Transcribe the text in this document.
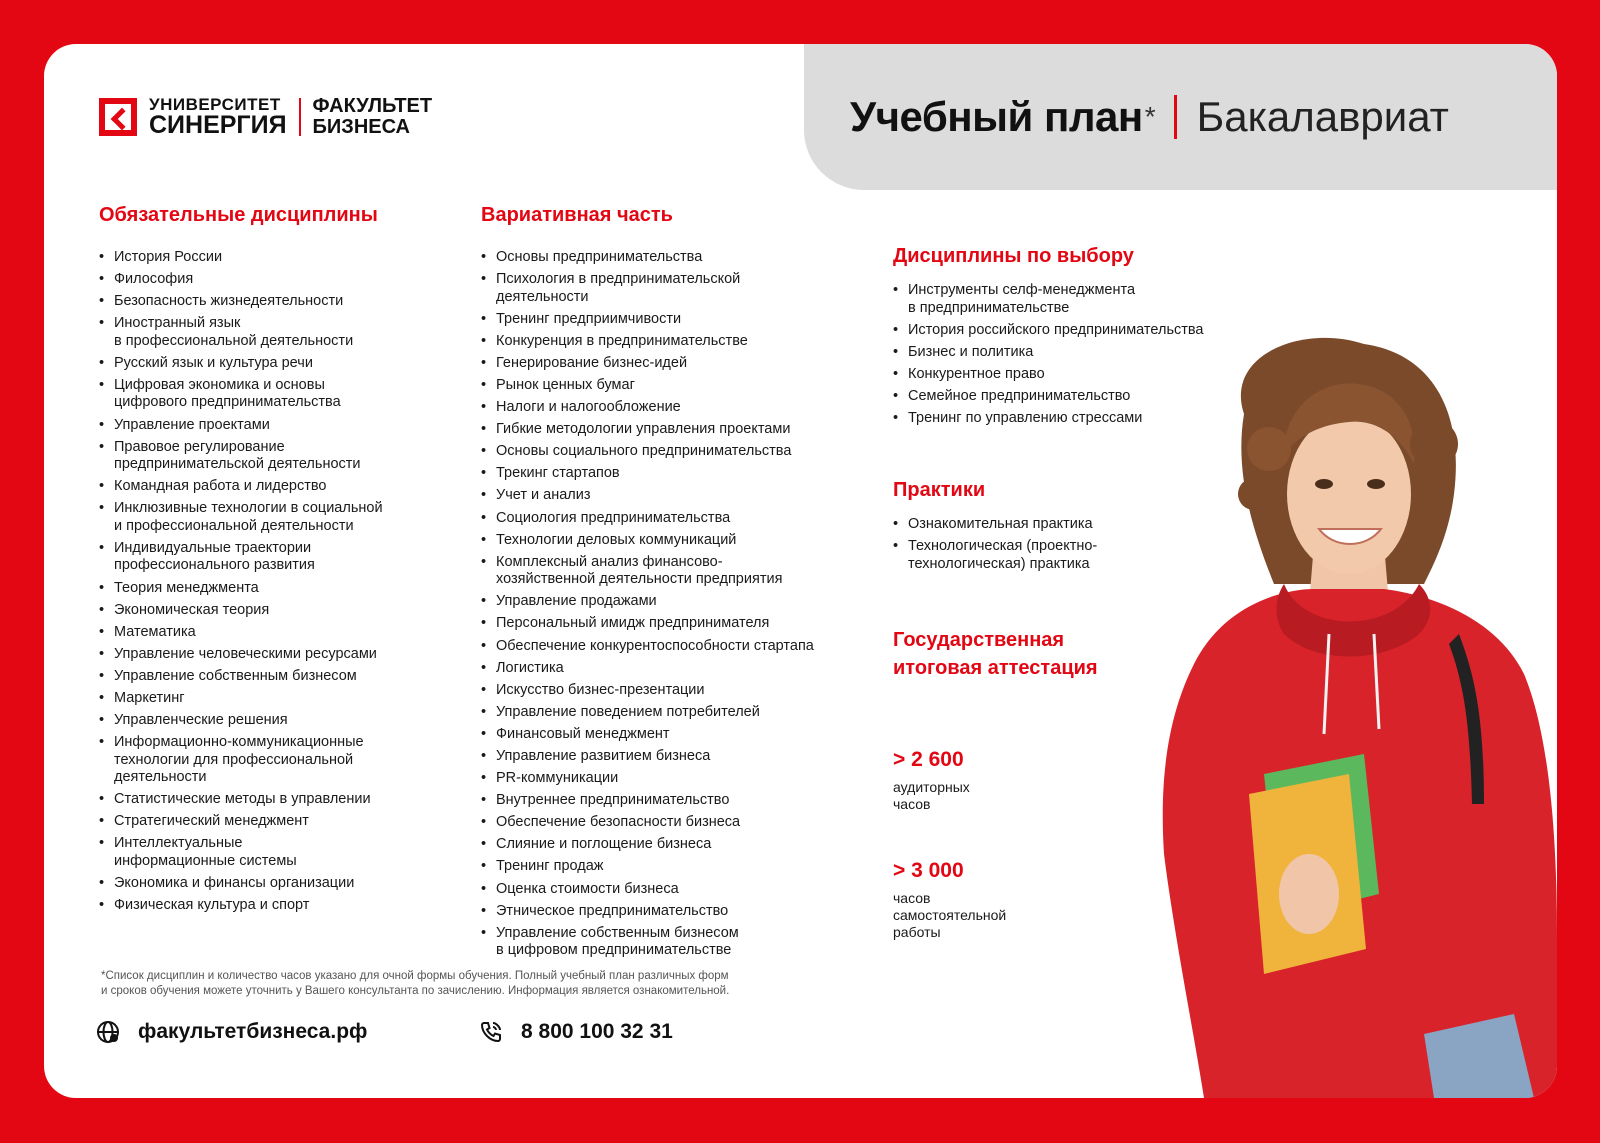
УНИВЕРСИТЕТ
СИНЕРГИЯ
ФАКУЛЬТЕТ
БИЗНЕСА	Учебный план * Бакалавриат
Обязательные дисциплины
• История России
• Философия
• Безопасность жизнедеятельности
• Иностранный язык
в профессиональной деятельности
• Русский язык и культура речи
• Цифровая экономика и основы
цифрового предпринимательства
• Управление проектами
• Правовое регулирование
предпринимательской деятельности
• Командная работа и лидерство
• Инклюзивные технологии в социальной
и профессиональной деятельности
• Индивидуальные траектории
профессионального развития
• Теория менеджмента
• Экономическая теория
• Математика
• Управление человеческими ресурсами
• Управление собственным бизнесом
• Маркетинг
• Управленческие решения
• Информационно-коммуникационные
технологии для профессиональной
деятельности
• Статистические методы в управлении
• Стратегический менеджмент
• Интеллектуальные
информационные системы
• Экономика и финансы организации
• Физическая культура и спорт
Вариативная часть
• Основы предпринимательства
• Психология в предпринимательской
деятельности
• Тренинг предприимчивости
• Конкуренция в предпринимательстве
• Генерирование бизнес-идей
• Рынок ценных бумаг
• Налоги и налогообложение
• Гибкие методологии управления проектами
• Основы социального предпринимательства
• Трекинг стартапов
• Учет и анализ
• Социология предпринимательства
• Технологии деловых коммуникаций
• Комплексный анализ финансово-
хозяйственной деятельности предприятия
• Управление продажами
• Персональный имидж предпринимателя
• Обеспечение конкурентоспособности стартапа
• Логистика
• Искусство бизнес-презентации
• Управление поведением потребителей
• Финансовый менеджмент
• Управление развитием бизнеса
• PR-коммуникации
• Внутреннее предпринимательство
• Обеспечение безопасности бизнеса
• Слияние и поглощение бизнеса
• Тренинг продаж
• Оценка стоимости бизнеса
• Этническое предпринимательство
• Управление собственным бизнесом
в цифровом предпринимательстве
Дисциплины по выбору
• Инструменты селф-менеджмента
в предпринимательстве
• История российского предпринимательства
• Бизнес и политика
• Конкурентное право
• Семейное предпринимательство
• Тренинг по управлению стрессами
Практики
• Ознакомительная практика
• Технологическая (проектно-
технологическая) практика
Государственная
итоговая аттестация
> 2 600
аудиторных
часов
> 3 000
часов
самостоятельной
работы
*Список дисциплин и количество часов указано для очной формы обучения. Полный учебный план различных форм
и сроков обучения можете уточнить у Вашего консультанта по зачислению. Информация является ознакомительной.
факультетбизнеса.рф	8 800 100 32 31
